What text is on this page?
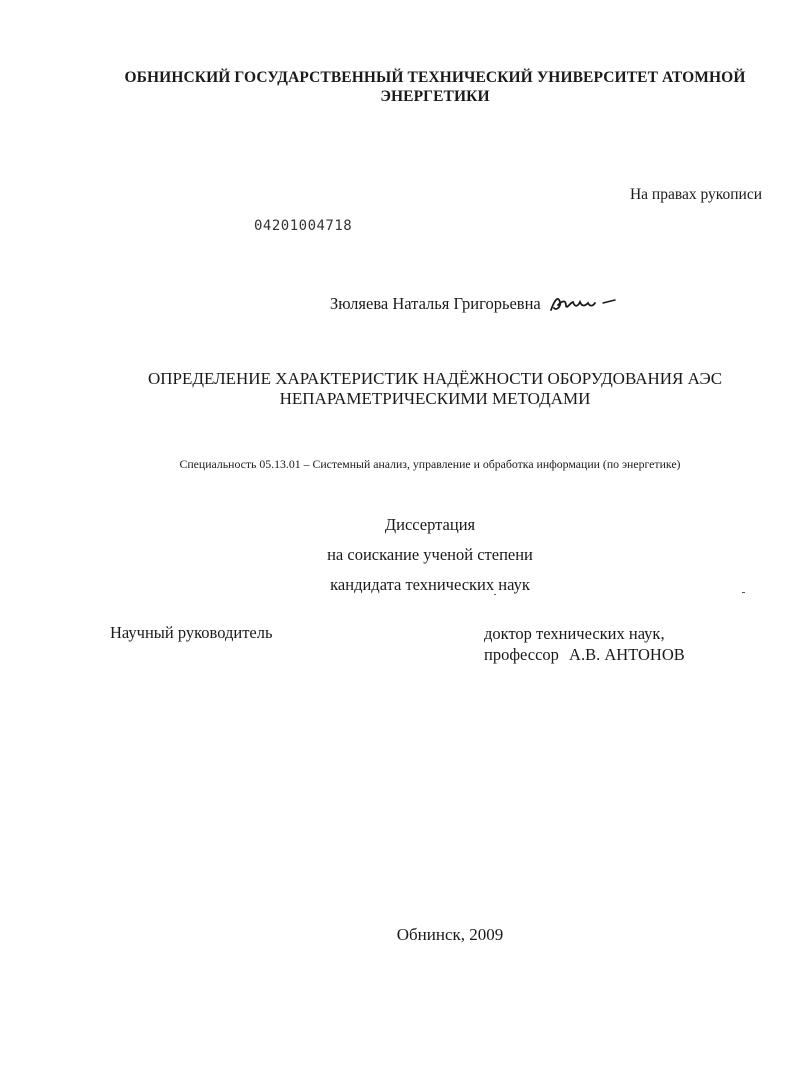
ОБНИНСКИЙ ГОСУДАРСТВЕННЫЙ ТЕХНИЧЕСКИЙ УНИВЕРСИТЕТ АТОМНОЙ
ЭНЕРГЕТИКИ
На правах рукописи
04201004718
Зюляева Наталья Григорьевна
ОПРЕДЕЛЕНИЕ ХАРАКТЕРИСТИК НАДЁЖНОСТИ ОБОРУДОВАНИЯ АЭС
НЕПАРАМЕТРИЧЕСКИМИ МЕТОДАМИ
Специальность 05.13.01 – Системный анализ, управление и обработка информации (по энергетике)
Диссертация
на соискание ученой степени
кандидата технических наук
Научный руководитель	доктор технических наук,
профессор А.В. АНТОНОВ
Обнинск, 2009
